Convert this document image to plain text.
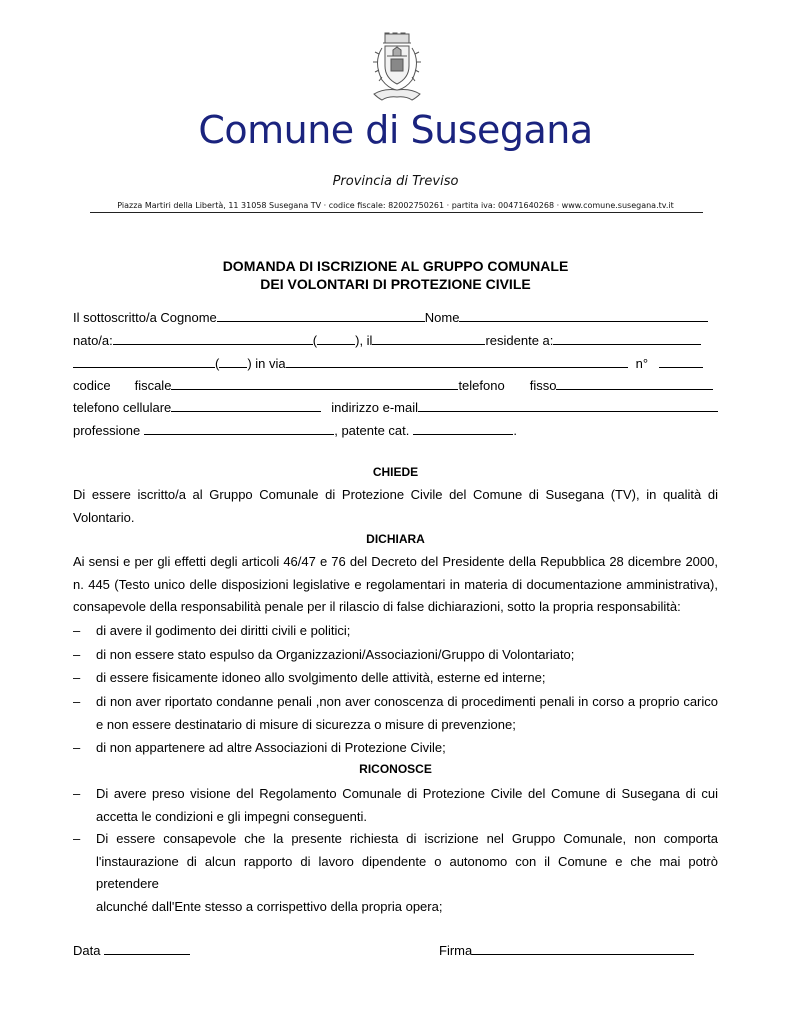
Comune di Susegana
Provincia di Treviso
Piazza Martiri della Libertà, 11 31058 Susegana TV · codice fiscale: 82002750261 · partita iva: 00471640268 · www.comune.susegana.tv.it
DOMANDA DI ISCRIZIONE AL GRUPPO COMUNALE
DEI VOLONTARI DI PROTEZIONE CIVILE
Il sottoscritto/a Cognome	Nome
nato/a:	(	), il	residente a:
( ) in via	n°
codice fiscale	telefono fisso
telefono cellulare	indirizzo e-mail
professione	, patente cat.	.
CHIEDE
Di essere iscritto/a al Gruppo Comunale di Protezione Civile del Comune di Susegana (TV), in qualità di
Volontario.
DICHIARA
Ai sensi e per gli effetti degli articoli 46/47 e 76 del Decreto del Presidente della Repubblica 28 dicembre 2000,
n. 445 (Testo unico delle disposizioni legislative e regolamentari in materia di documentazione amministrativa),
consapevole della responsabilità penale per il rilascio di false dichiarazioni, sotto la propria responsabilità:
– di avere il godimento dei diritti civili e politici;
– di non essere stato espulso da Organizzazioni/Associazioni/Gruppo di Volontariato;
– di essere fisicamente idoneo allo svolgimento delle attività, esterne ed interne;
– di non aver riportato condanne penali ,non aver conoscenza di procedimenti penali in corso a proprio carico
e non essere destinatario di misure di sicurezza o misure di prevenzione;
– di non appartenere ad altre Associazioni di Protezione Civile;
RICONOSCE
– Di avere preso visione del Regolamento Comunale di Protezione Civile del Comune di Susegana di cui
accetta le condizioni e gli impegni conseguenti.
– Di essere consapevole che la presente richiesta di iscrizione nel Gruppo Comunale, non comporta
l'instaurazione di alcun rapporto di lavoro dipendente o autonomo con il Comune e che mai potrò pretendere
alcunché dall'Ente stesso a corrispettivo della propria opera;
Data	Firma
